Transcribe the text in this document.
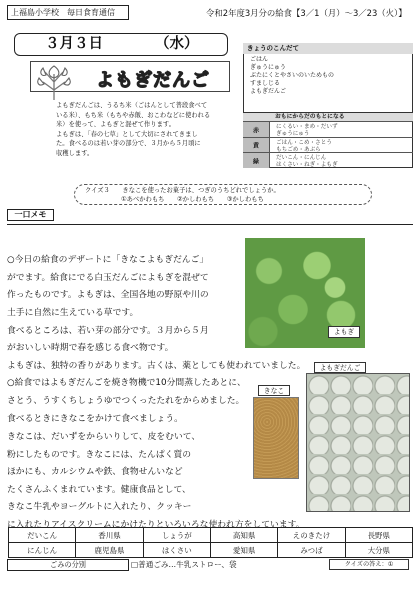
上福島小学校　毎日食育通信	令和2年度3月分の給食【3／1（月）～3／23（火）】
３月３日	（水）
よもぎだんご
よもぎだんごは、うるち米（ごはんとして普段食べて
いる米）、もち米（もちや赤飯、おこわなどに使われる
米）を使って、よもぎと混ぜて作ります。
よもぎは、「春の七草」として大切にされてきまし
た。食べるのは若い芽の部分で、３月から５月頃に
収穫します。
きょうのこんだて
ごはん
ぎゅうにゅう
ぶたにくとやさいのいためもの
すましじる
よもぎだんご
おもにからだのもとになる
赤	にくるい・まめ・だいず
ぎゅうにゅう
黄	ごはん・こめ・さとう
もちごめ・あぶら
緑	だいこん・にんじん
はくさい・ねぎ・よもぎ
クイズ３　　きなこを使ったお菓子は、つぎのうちどれでしょうか。
①あべかわもち　　②かしわもち　　③かしわもち
一口メモ
○今日の給食のデザートに「きなこよもぎだんご」
がでます。給食にでる白玉だんごによもぎを混ぜて
作ったものです。よもぎは、全国各地の野原や川の
土手に自然に生えている草です。
食べるところは、若い芽の部分です。３月から５月
がおいしい時期で春を感じる食べ物です。
よもぎは、独特の香りがあります。古くは、薬としても使われていました。
○給食ではよもぎだんごを焼き物機で10分間蒸したあとに、
さとう、うすくちしょうゆでつくったたれをからめました。
食べるときにきなこをかけて食べましょう。
きなこは、だいずをからいりして、皮をむいて、
粉にしたものです。きなこには、たんぱく質の
ほかにも、カルシウムや鉄、食物せんいなど
たくさんふくまれています。健康食品として、
きなこ牛乳やヨーグルトに入れたり、クッキー
に入れたりアイスクリームにかけたりといろいろな使われ方をしています。
よもぎ
きなこ
よもぎだんご
だいこん	香川県	しょうが	高知県	えのきたけ	長野県
にんじん	鹿児島県	はくさい	愛知県	みつば	大分県
ごみの分別	□普通ごみ…牛乳ストロー、袋	クイズの答え：①
